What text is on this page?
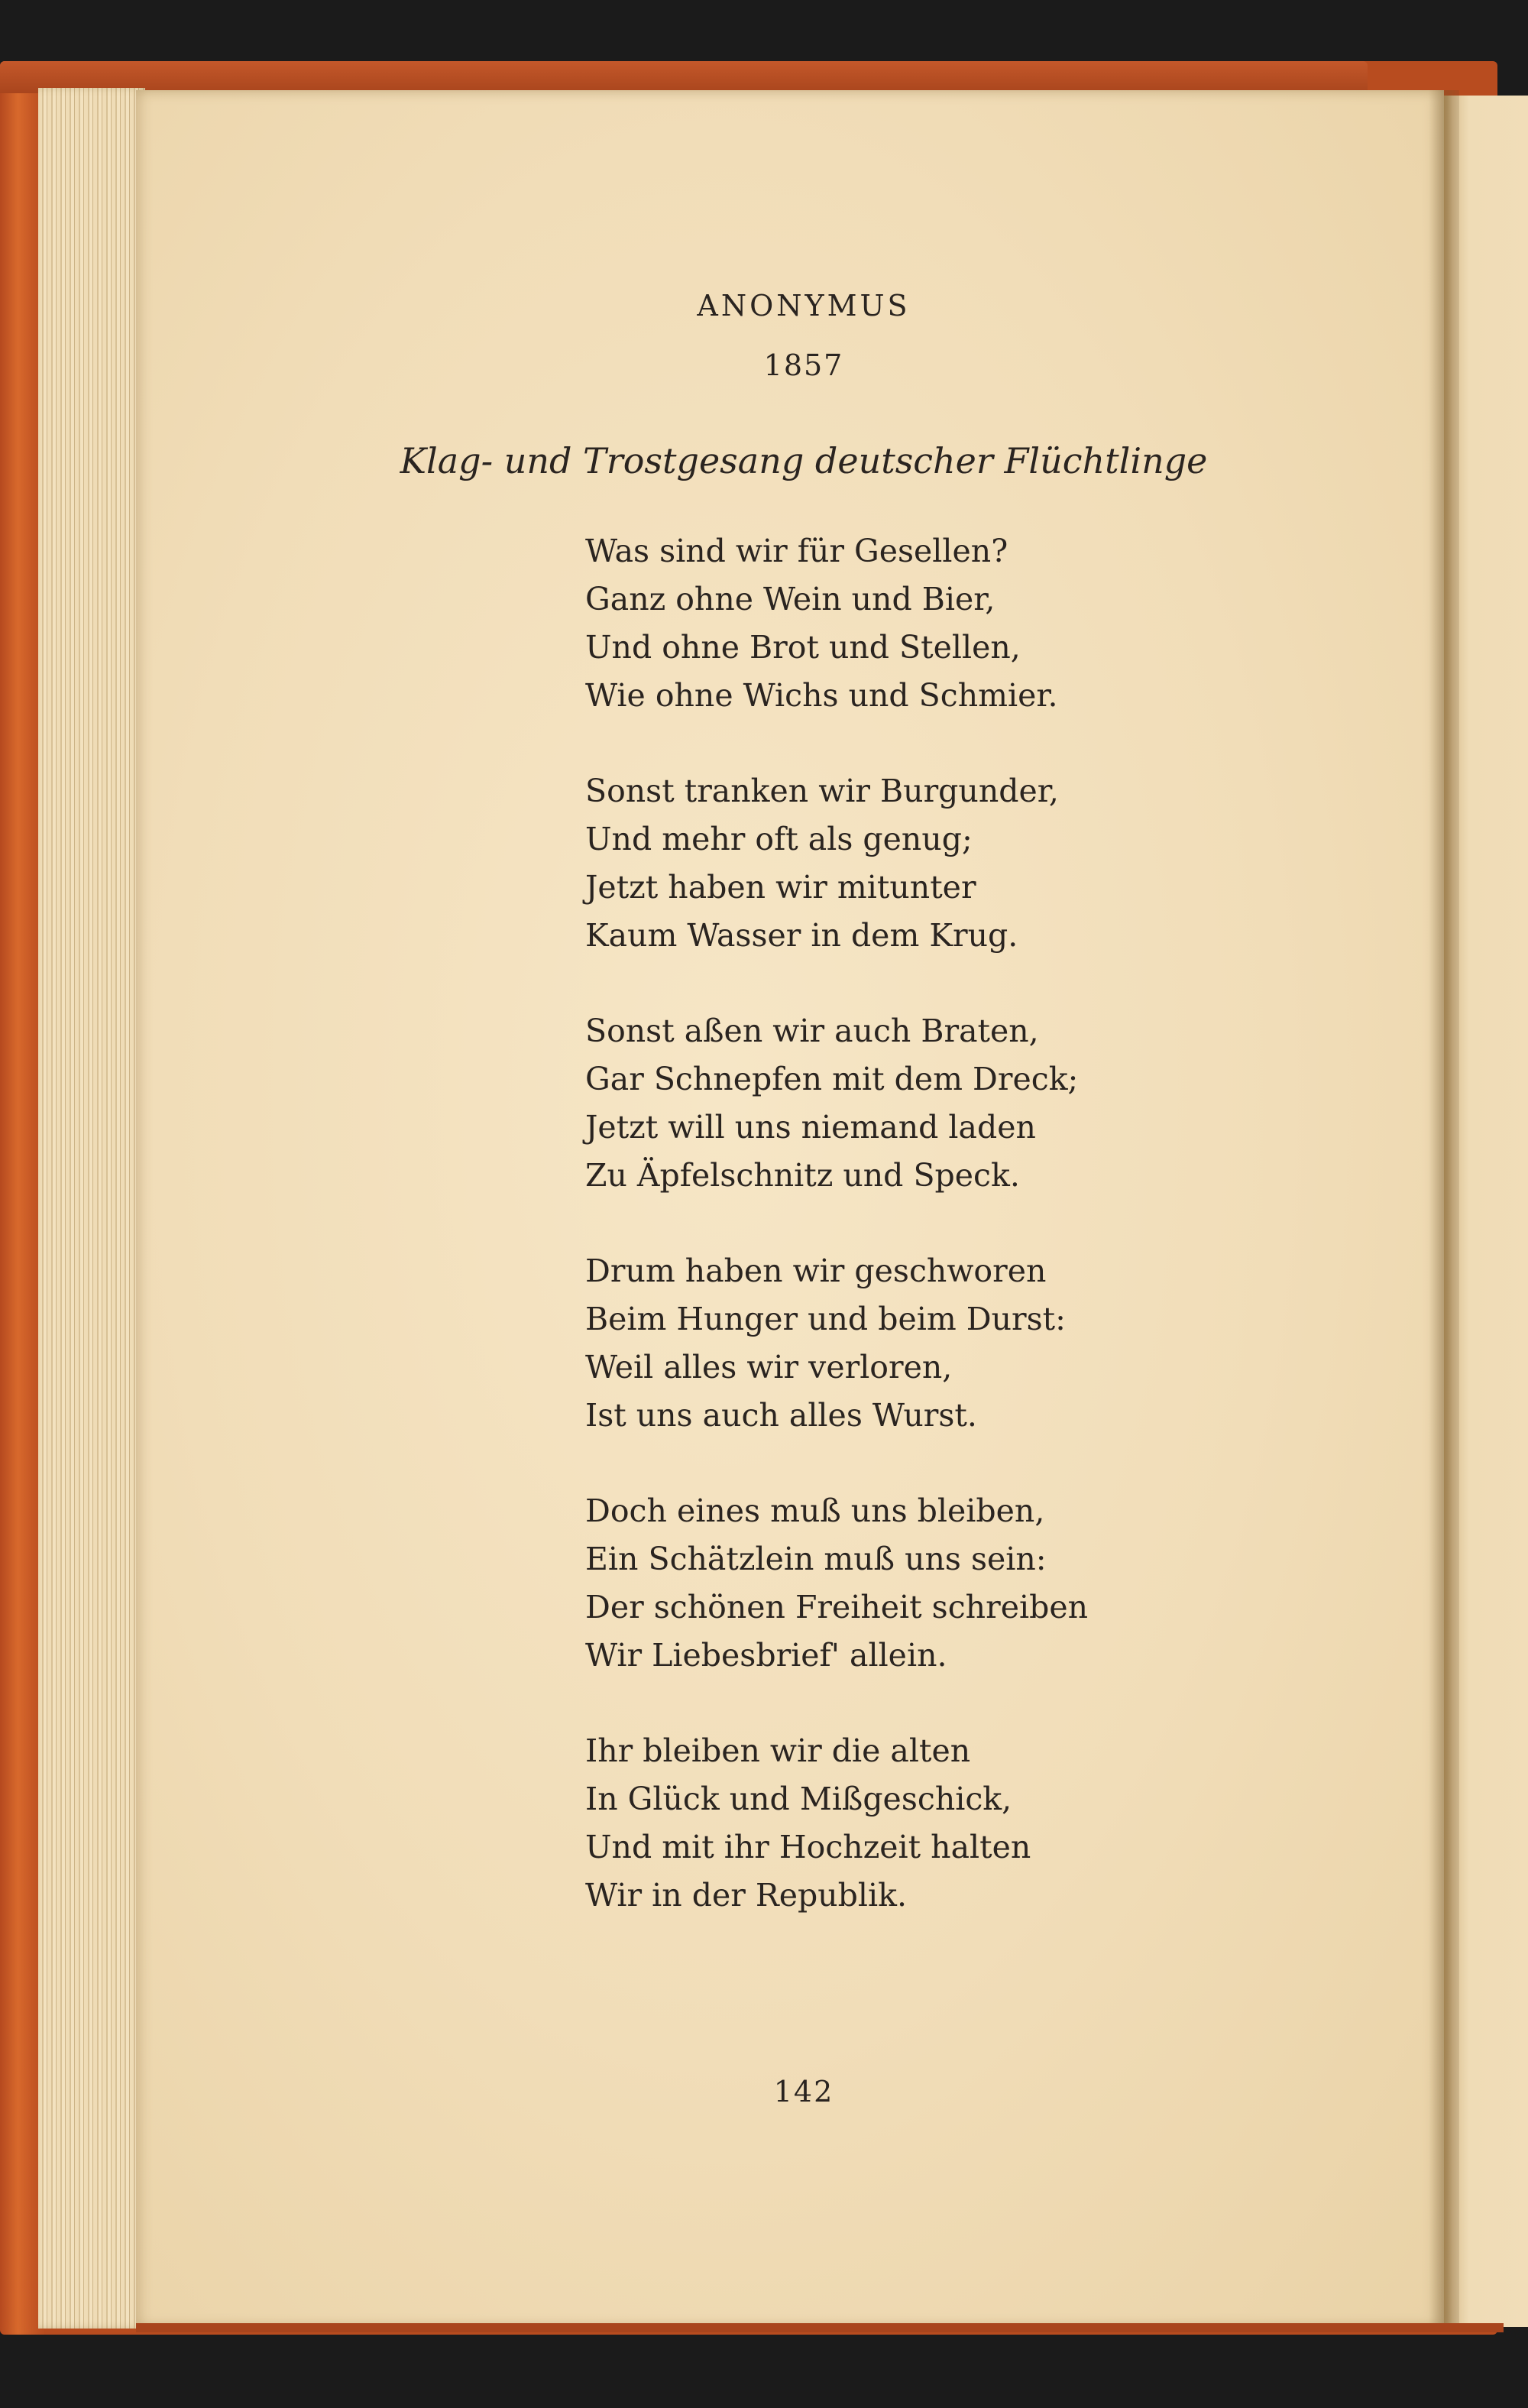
ANONYMUS
1857
Klag- und Trostgesang deutscher Flüchtlinge
Was sind wir für Gesellen?
Ganz ohne Wein und Bier,
Und ohne Brot und Stellen,
Wie ohne Wichs und Schmier.
Sonst tranken wir Burgunder,
Und mehr oft als genug;
Jetzt haben wir mitunter
Kaum Wasser in dem Krug.
Sonst aßen wir auch Braten,
Gar Schnepfen mit dem Dreck;
Jetzt will uns niemand laden
Zu Äpfelschnitz und Speck.
Drum haben wir geschworen
Beim Hunger und beim Durst:
Weil alles wir verloren,
Ist uns auch alles Wurst.
Doch eines muß uns bleiben,
Ein Schätzlein muß uns sein:
Der schönen Freiheit schreiben
Wir Liebesbrief' allein.
Ihr bleiben wir die alten
In Glück und Mißgeschick,
Und mit ihr Hochzeit halten
Wir in der Republik.
142
